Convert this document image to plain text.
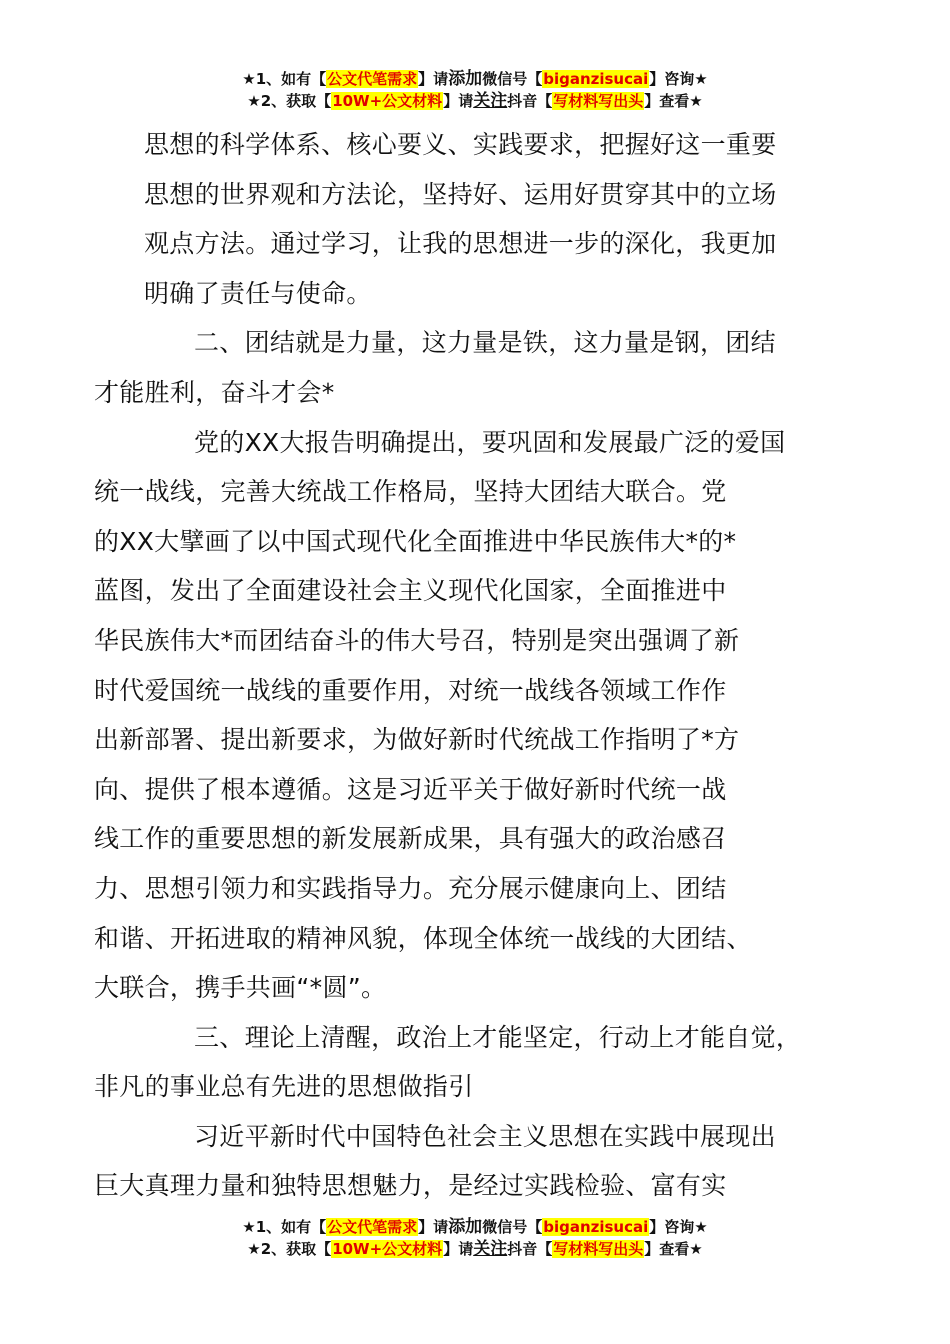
★1、如有【公文代笔需求】请添加微信号【biganzisucai】咨询★
★2、获取【10W+公文材料】请关注抖音【写材料写出头】查看★

思想的科学体系、核心要义、实践要求，把握好这一重要
思想的世界观和方法论，坚持好、运用好贯穿其中的立场
观点方法。通过学习，让我的思想进一步的深化，我更加
明确了责任与使命。

二、团结就是力量，这力量是铁，这力量是钢，团结
才能胜利，奋斗才会*

党的XX大报告明确提出，要巩固和发展最广泛的爱国
统一战线，完善大统战工作格局，坚持大团结大联合。党
的XX大擘画了以中国式现代化全面推进中华民族伟大*的*
蓝图，发出了全面建设社会主义现代化国家，全面推进中
华民族伟大*而团结奋斗的伟大号召，特别是突出强调了新
时代爱国统一战线的重要作用，对统一战线各领域工作作
出新部署、提出新要求，为做好新时代统战工作指明了*方
向、提供了根本遵循。这是习近平关于做好新时代统一战
线工作的重要思想的新发展新成果，具有强大的政治感召
力、思想引领力和实践指导力。充分展示健康向上、团结
和谐、开拓进取的精神风貌，体现全体统一战线的大团结、
大联合，携手共画“*圆”。

三、理论上清醒，政治上才能坚定，行动上才能自觉，
非凡的事业总有先进的思想做指引

习近平新时代中国特色社会主义思想在实践中展现出
巨大真理力量和独特思想魅力，是经过实践检验、富有实

★1、如有【公文代笔需求】请添加微信号【biganzisucai】咨询★
★2、获取【10W+公文材料】请关注抖音【写材料写出头】查看★
